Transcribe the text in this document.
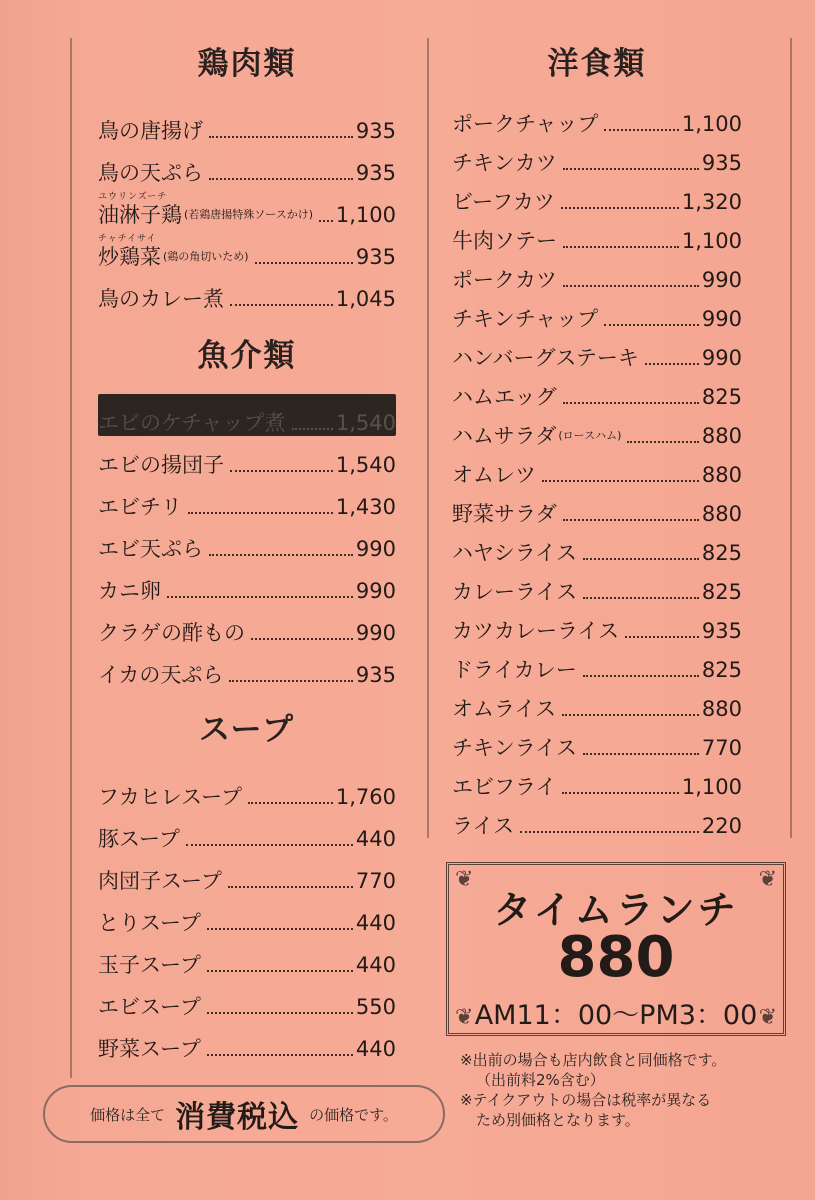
鶏肉類
鳥の唐揚げ	935
鳥の天ぷら	935
ユウリンズーチ
油淋子鶏 (若鶏唐揚特殊ソースかけ) 1,100
チャチイサイ
炒鶏菜 (鶏の角切いため)	935
鳥のカレー煮	1,045
魚介類
エビのケチャップ煮 1,540
エビの揚団子	1,540
エビチリ	1,430
エビ天ぷら	990
カニ卵	990
クラゲの酢もの	990
イカの天ぷら	935
スープ
フカヒレスープ	1,760
豚スープ	440
肉団子スープ	770
とりスープ	440
玉子スープ	440
エビスープ	550
野菜スープ	440
洋食類
ポークチャップ	1,100
チキンカツ	935
ビーフカツ	1,320
牛肉ソテー	1,100
ポークカツ	990
チキンチャップ	990
ハンバーグステーキ	990
ハムエッグ	825
ハムサラダ (ロースハム)	880
オムレツ	880
野菜サラダ	880
ハヤシライス	825
カレーライス	825
カツカレーライス	935
ドライカレー	825
オムライス	880
チキンライス	770
エビフライ	1,100
ライス	220
❦	❦
❦	❦
タイムランチ
880
AM11：00〜PM3：00
※出前の場合も店内飲食と同価格です。
（出前料2%含む）
※テイクアウトの場合は税率が異なる
ため別価格となります。
価格は全て 消費税込 の価格です。
